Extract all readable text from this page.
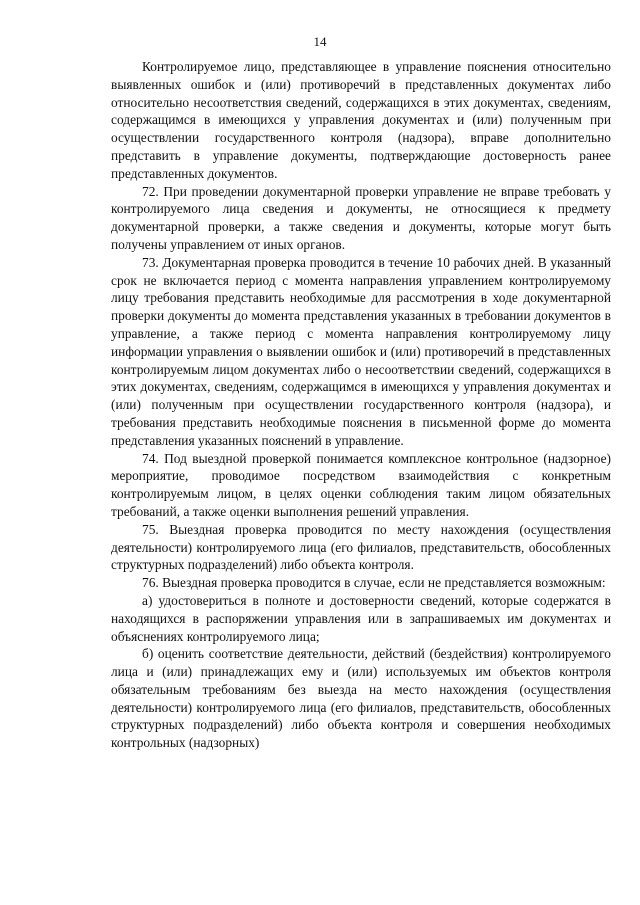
14

Контролируемое лицо, представляющее в управление пояснения относительно выявленных ошибок и (или) противоречий в представленных документах либо относительно несоответствия сведений, содержащихся в этих документах, сведениям, содержащимся в имеющихся у управления документах и (или) полученным при осуществлении государственного контроля (надзора), вправе дополнительно представить в управление документы, подтверждающие достоверность ранее представленных документов.

72. При проведении документарной проверки управление не вправе требовать у контролируемого лица сведения и документы, не относящиеся к предмету документарной проверки, а также сведения и документы, которые могут быть получены управлением от иных органов.

73. Документарная проверка проводится в течение 10 рабочих дней. В указанный срок не включается период с момента направления управлением контролируемому лицу требования представить необходимые для рассмотрения в ходе документарной проверки документы до момента представления указанных в требовании документов в управление, а также период с момента направления контролируемому лицу информации управления о выявлении ошибок и (или) противоречий в представленных контролируемым лицом документах либо о несоответствии сведений, содержащихся в этих документах, сведениям, содержащимся в имеющихся у управления документах и (или) полученным при осуществлении государственного контроля (надзора), и требования представить необходимые пояснения в письменной форме до момента представления указанных пояснений в управление.

74. Под выездной проверкой понимается комплексное контрольное (надзорное) мероприятие, проводимое посредством взаимодействия с конкретным контролируемым лицом, в целях оценки соблюдения таким лицом обязательных требований, а также оценки выполнения решений управления.

75. Выездная проверка проводится по месту нахождения (осуществления деятельности) контролируемого лица (его филиалов, представительств, обособленных структурных подразделений) либо объекта контроля.

76. Выездная проверка проводится в случае, если не представляется возможным:

а) удостовериться в полноте и достоверности сведений, которые содержатся в находящихся в распоряжении управления или в запрашиваемых им документах и объяснениях контролируемого лица;

б) оценить соответствие деятельности, действий (бездействия) контролируемого лица и (или) принадлежащих ему и (или) используемых им объектов контроля обязательным требованиям без выезда на место нахождения (осуществления деятельности) контролируемого лица (его филиалов, представительств, обособленных структурных подразделений) либо объекта контроля и совершения необходимых контрольных (надзорных)
